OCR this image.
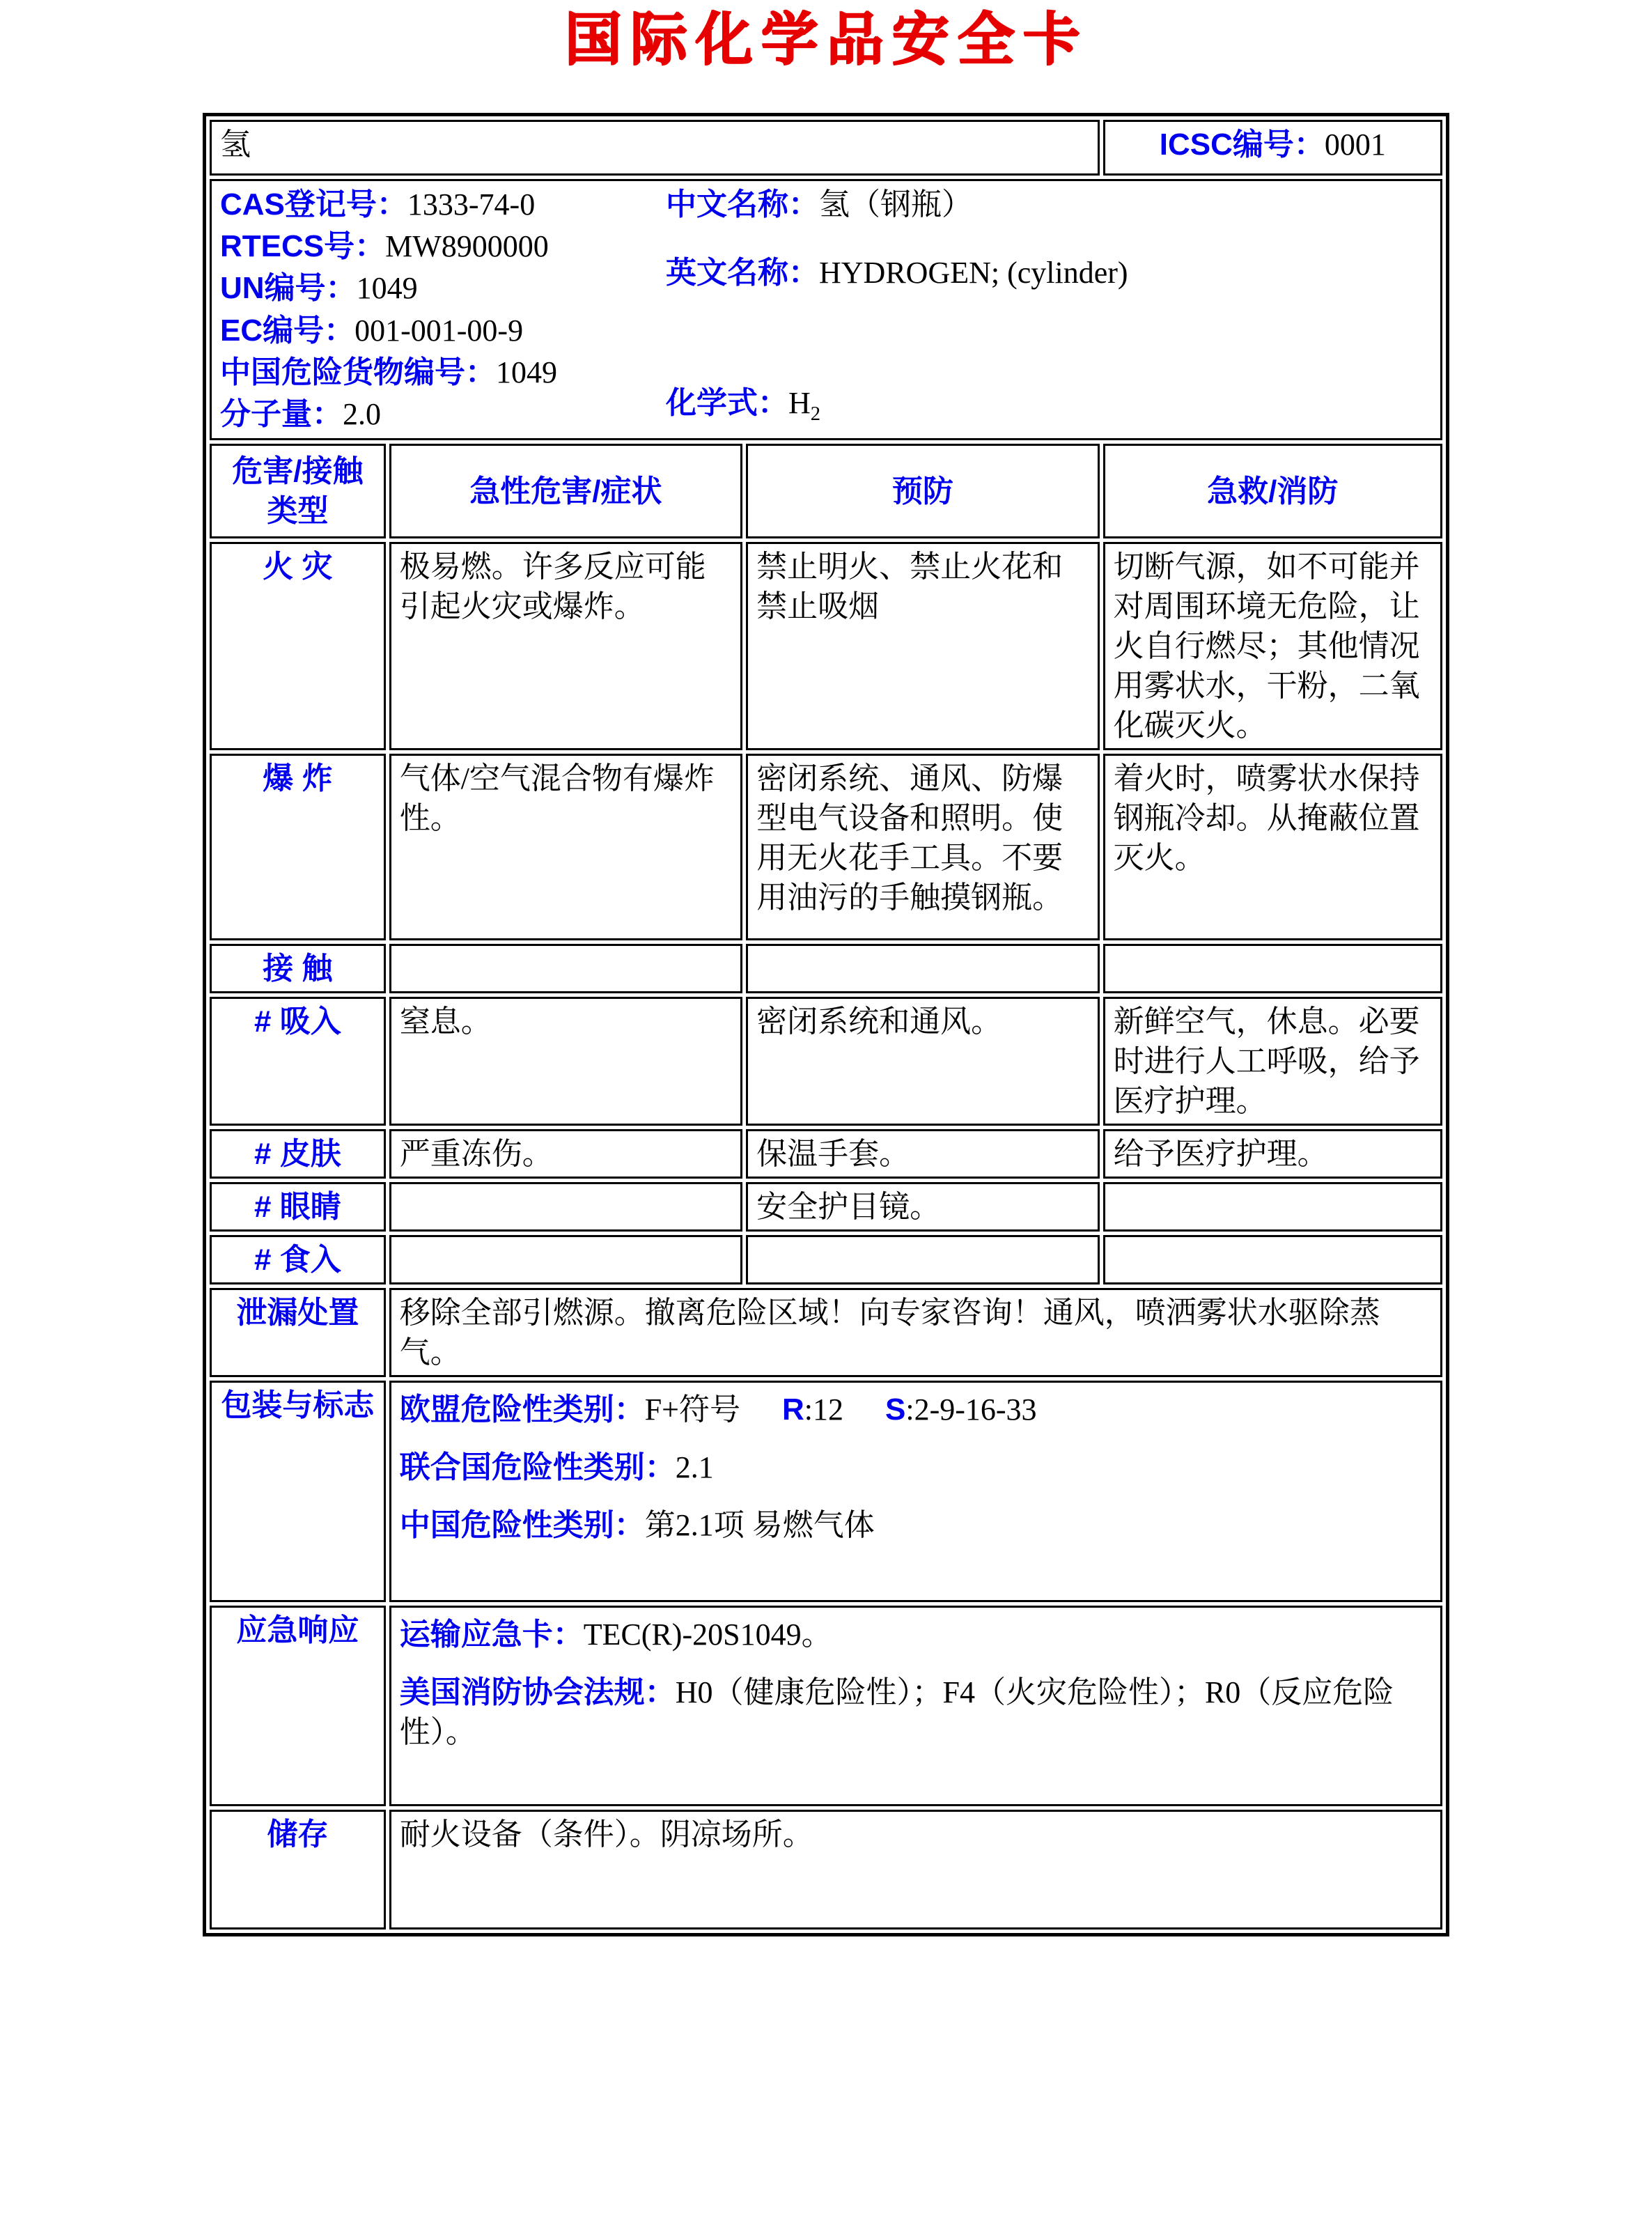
国际化学品安全卡
氢			ICSC编号：0001

CAS登记号：1333-74-0
RTECS号：MW8900000
UN编号：1049
EC编号：001-001-00-9
中国危险货物编号：1049
分子量：2.0
中文名称：氢（钢瓶）
英文名称：HYDROGEN; (cylinder)
化学式：$H_2$

危害/接触类型	急性危害/症状	预防	急救/消防
火 灾	极易燃。许多反应可能引起火灾或爆炸。	禁止明火、禁止火花和禁止吸烟	切断气源，如不可能并对周围环境无危险，让火自行燃尽；其他情况用雾状水，干粉，二氧化碳灭火。
爆 炸	气体/空气混合物有爆炸性。	密闭系统、通风、防爆型电气设备和照明。使用无火花手工具。不要用油污的手触摸钢瓶。	着火时，喷雾状水保持钢瓶冷却。从掩蔽位置灭火。
接 触			
# 吸入	窒息。	密闭系统和通风。	新鲜空气，休息。必要时进行人工呼吸，给予医疗护理。
# 皮肤	严重冻伤。	保温手套。	给予医疗护理。
# 眼睛		安全护目镜。	
# 食入			
泄漏处置	移除全部引燃源。撤离危险区域！向专家咨询！通风，喷洒雾状水驱除蒸气。		
包装与标志	欧盟危险性类别：F+符号 R:12 S:2-9-16-33
联合国危险性类别：2.1
中国危险性类别：第2.1项 易燃气体		

应急响应	运输应急卡：TEC(R)-20S1049。
美国消防协会法规：H0（健康危险性）；F4（火灾危险性）；R0（反应危险性）。		

储存	耐火设备（条件）。阴凉场所。		
